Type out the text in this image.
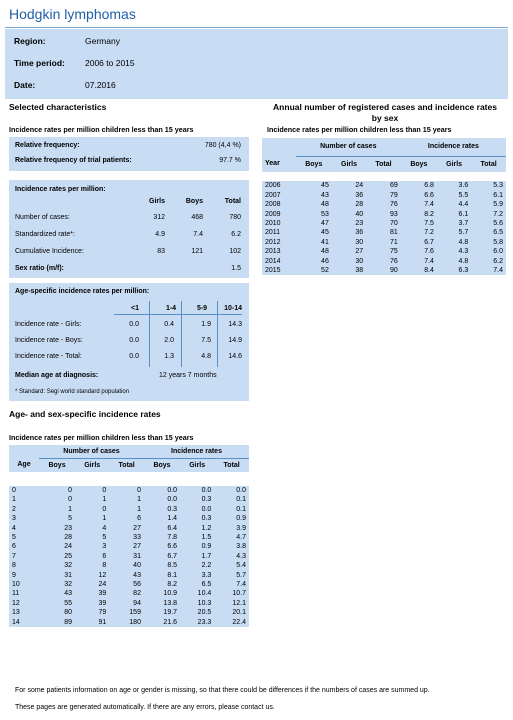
Hodgkin lymphomas
Region:	Germany
Time period: 2006 to 2015
Date:	07.2016
Selected characteristics
Incidence rates per million children less than 15 years
Relative frequency:	780 (4,4 %)
Relative frequency of trial patients:	97.7 %
Incidence rates per million:
Girls	Boys	Total
Number of cases:	312	468	780
Standardized rate*:	4.9	7.4	6.2
Cumulative Incidence:	83	121	102
Sex ratio (m/f):	1.5
Age-specific incidence rates per million:
<1	1-4	5-9	10-14
Incidence rate - Girls:	0.0	0.4	1.9	14.3
Incidence rate - Boys:	0.0	2.0	7.5	14.9
Incidence rate - Total:	0.0	1.3	4.8	14.6
Median age at diagnosis:	12 years 7 months
* Standard: Segi world standard population
Annual number of registered cases and incidence rates
by sex
Incidence rates per million children less than 15 years
	Number of cases			Incidence rates		
Year	Boys	Girls	Total	Boys	Girls	Total

2006	45	24	69	6.8	3.6	5.3
2007	43	36	79	6.6	5.5	6.1
2008	48	28	76	7.4	4.4	5.9
2009	53	40	93	8.2	6.1	7.2
2010	47	23	70	7.5	3.7	5.6
2011	45	36	81	7.2	5.7	6.5
2012	41	30	71	6.7	4.8	5.8
2013	48	27	75	7.6	4.3	6.0
2014	46	30	76	7.4	4.8	6.2
2015	52	38	90	8.4	6.3	7.4
Age- and sex-specific incidence rates
Incidence rates per million children less than 15 years
	Number of cases			Incidence rates		
Age	Boys	Girls	Total	Boys	Girls	Total

0	0	0	0	0.0	0.0	0.0
1	0	1	1	0.0	0.3	0.1
2	1	0	1	0.3	0.0	0.1
3	5	1	6	1.4	0.3	0.9
4	23	4	27	6.4	1.2	3.9
5	28	5	33	7.8	1.5	4.7
6	24	3	27	6.6	0.9	3.8
7	25	6	31	6.7	1.7	4.3
8	32	8	40	8.5	2.2	5.4
9	31	12	43	8.1	3.3	5.7
10	32	24	56	8.2	6.5	7.4
11	43	39	82	10.9	10.4	10.7
12	55	39	94	13.8	10.3	12.1
13	80	79	159	19.7	20.5	20.1
14	89	91	180	21.6	23.3	22.4
For some patients information on age or gender is missing, so that there could be differences if the numbers of cases are summed up.
These pages are generated automatically. If there are any errors, please contact us.
